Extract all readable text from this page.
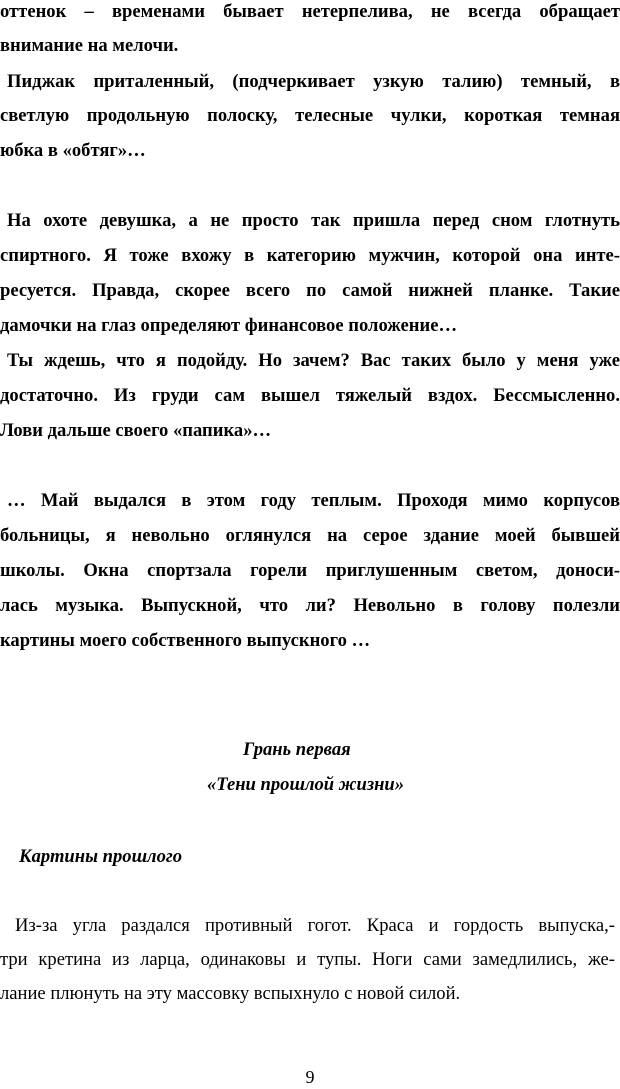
оттенок – временами бывает нетерпелива, не всегда обращает

внимание на мелочи.

Пиджак приталенный, (подчеркивает узкую талию) темный, в

светлую продольную полоску, телесные чулки, короткая темная

юбка в «обтяг»…

На охоте девушка, а не просто так пришла перед сном глотнуть

спиртного. Я тоже вхожу в категорию мужчин, которой она инте-

ресуется. Правда, скорее всего по самой нижней планке. Такие

дамочки на глаз определяют финансовое положение…

Ты ждешь, что я подойду. Но зачем? Вас таких было у меня уже

достаточно. Из груди сам вышел тяжелый вздох. Бессмысленно.

Лови дальше своего «папика»…

… Май выдался в этом году теплым. Проходя мимо корпусов

больницы, я невольно оглянулся на серое здание моей бывшей

школы. Окна спортзала горели приглушенным светом, доноси-

лась музыка. Выпускной, что ли? Невольно в голову полезли

картины моего собственного выпускного …

Грань первая
«Тени прошлой жизни»
Картины прошлого

Из-за угла раздался противный гогот. Краса и гордость выпуска,-

три кретина из ларца, одинаковы и тупы. Ноги сами замедлились, же-

лание плюнуть на эту массовку вспыхнуло с новой силой.

9
